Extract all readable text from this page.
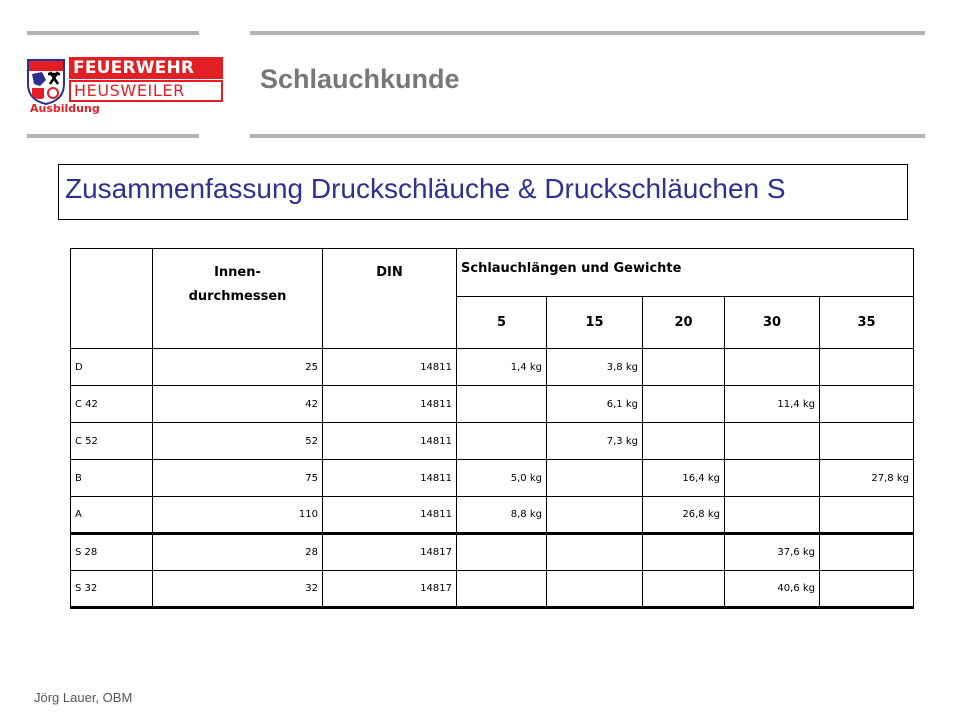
FEUERWEHR
HEUSWEILER
Ausbildung
Schlauchkunde
Zusammenfassung Druckschläuche & Druckschläuchen S
	Innen-
durchmessen	DIN	Schlauchlängen und Gewichte				
			5	15	20	30	35
D	25	14811	1,4 kg	3,8 kg			
C 42	42	14811		6,1 kg		11,4 kg	
C 52	52	14811		7,3 kg			
B	75	14811	5,0 kg		16,4 kg		27,8 kg
A	110	14811	8,8 kg		26,8 kg		
S 28	28	14817				37,6 kg	
S 32	32	14817				40,6 kg	
Jörg Lauer, OBM
